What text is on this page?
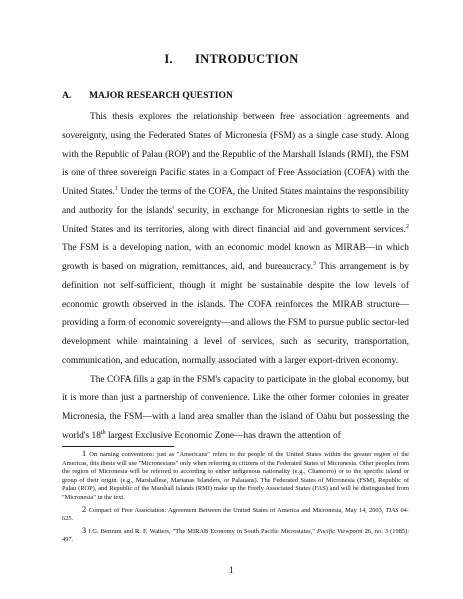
I. INTRODUCTION
A. MAJOR RESEARCH QUESTION

This thesis explores the relationship between free association agreements and sovereignty, using the Federated States of Micronesia (FSM) as a single case study. Along with the Republic of Palau (ROP) and the Republic of the Marshall Islands (RMI), the FSM is one of three sovereign Pacific states in a Compact of Free Association (COFA) with the United States.$^1$ Under the terms of the COFA, the United States maintains the responsibility and authority for the islands' security, in exchange for Micronesian rights to settle in the United States and its territories, along with direct financial aid and government services.$^2$ The FSM is a developing nation, with an economic model known as MIRAB—in which growth is based on migration, remittances, aid, and bureaucracy.$^3$ This arrangement is by definition not self-sufficient, though it might be sustainable despite the low levels of economic growth observed in the islands. The COFA reinforces the MIRAB structure—providing a form of economic sovereignty—and allows the FSM to pursue public sector-led development while maintaining a level of services, such as security, transportation, communication, and education, normally associated with a larger export-driven economy.

The COFA fills a gap in the FSM's capacity to participate in the global economy, but it is more than just a partnership of convenience. Like the other former colonies in greater Micronesia, the FSM—with a land area smaller than the island of Oahu but possessing the world's 18th largest Exclusive Economic Zone—has drawn the attention of

1 On naming conventions: just as "Americans" refers to the people of the United States within the greater region of the Americas, this thesis will use "Micronesians" only when referring to citizens of the Federated States of Micronesia. Other peoples from the region of Micronesia will be referred to according to either indigenous nationality (e.g., Chamorro) or to the specific island or group of their origin. (e.g., Marshallese, Marianas Islanders, or Palauans). The Federated States of Micronesia (FSM), Republic of Palau (ROP), and Republic of the Marshall Islands (RMI) make up the Freely Associated States (FAS) and will be distinguished from "Micronesia" in the text.

2 Compact of Free Association: Agreement Between the United States of America and Micronesia, May 14, 2003, TIAS 04-625.

3 I.G. Bertram and R. F. Watters, "The MIRAB Economy in South Pacific Microstates," Pacific Viewpoint 26, no. 3 (1985): 497.

1
